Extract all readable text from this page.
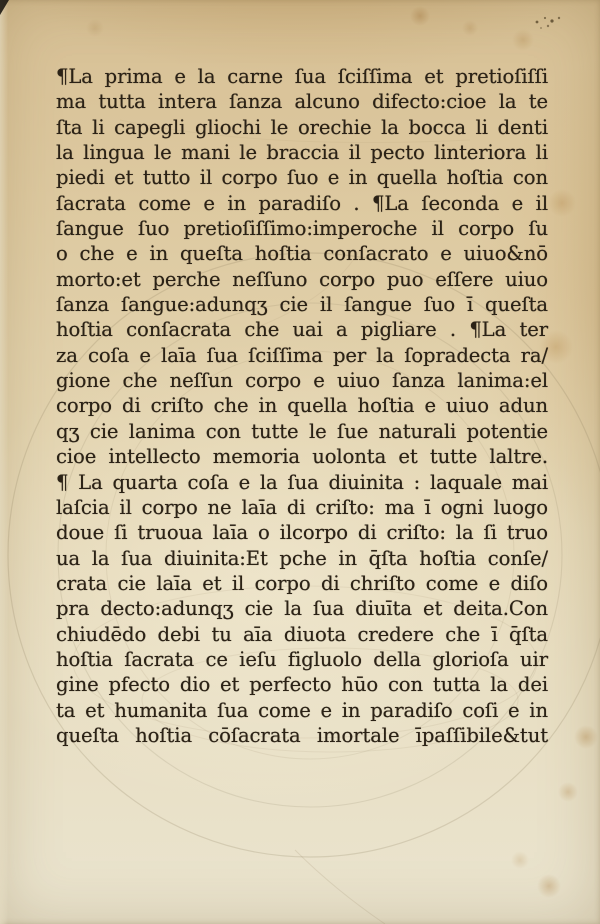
¶La prima e la carne ſua ſciſſima et pretioſiſſi
ma tutta intera ſanza alcuno difecto:cioe la te
ſta li capegli gliochi le orechie la bocca li denti
la lingua le mani le braccia il pecto linteriora li
piedi et tutto il corpo ſuo e in quella hoſtia con
ſacrata come e in paradiſo . ¶La ſeconda e il
ſangue ſuo pretioſiſſimo:imperoche il corpo ſu
o che e in queſta hoſtia conſacrato e uiuo&nō
morto:et perche neſſuno corpo puo eſſere uiuo
ſanza ſangue:adunqʒ cie il ſangue ſuo ī queſta
hoſtia conſacrata che uai a pigliare . ¶La ter
za coſa e laīa ſua ſciſſima per la ſopradecta ra/
gione che neſſun corpo e uiuo ſanza lanima:el
corpo di criſto che in quella hoſtia e uiuo adun
qʒ cie lanima con tutte le ſue naturali potentie
cioe intellecto memoria uolonta et tutte laltre.
¶ La quarta coſa e la ſua diuinita : laquale mai
laſcia il corpo ne laīa di criſto: ma ī ogni luogo
doue ſi truoua laīa o ilcorpo di criſto: la ſi truo
ua la ſua diuinita:Et pche in q̄ſta hoſtia conſe/
crata cie laīa et il corpo di chriſto come e diſo
pra decto:adunqʒ cie la ſua diuīta et deita.Con
chiudēdo debi tu aīa diuota credere che ī q̄ſta
hoſtia ſacrata ce ieſu figluolo della glorioſa uir
gine pfecto dio et perfecto hūo con tutta la dei
ta et humanita ſua come e in paradiſo coſi e in
queſta hoſtia cōſacrata imortale īpaſſibile&tut
